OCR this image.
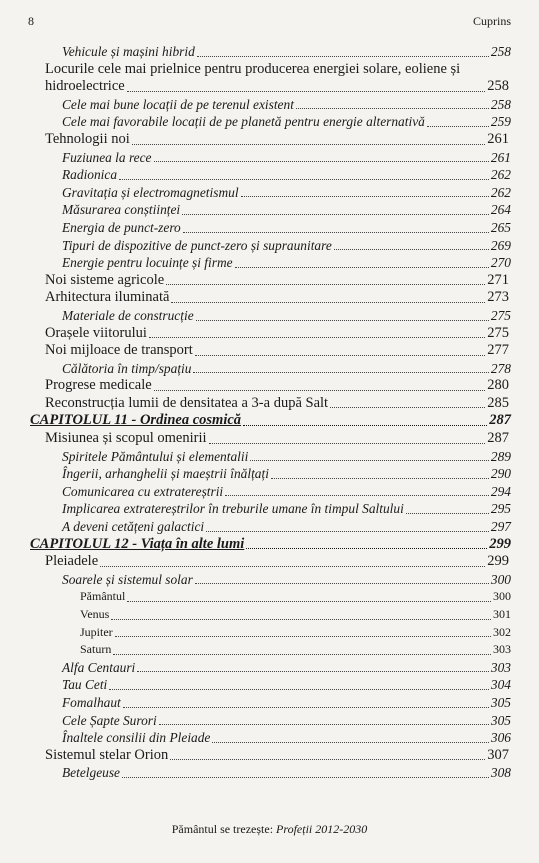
8	Cuprins
Vehicule și mașini hibrid	258
Locurile cele mai prielnice pentru producerea energiei solare, eoliene și
hidroelectrice	258
Cele mai bune locații de pe terenul existent	258
Cele mai favorabile locații de pe planetă pentru energie alternativă	259
Tehnologii noi	261
Fuziunea la rece	261
Radionica	262
Gravitația și electromagnetismul	262
Măsurarea conștiinței	264
Energia de punct-zero	265
Tipuri de dispozitive de punct-zero și supraunitare	269
Energie pentru locuințe și firme	270
Noi sisteme agricole	271
Arhitectura iluminată	273
Materiale de construcție	275
Orașele viitorului	275
Noi mijloace de transport	277
Călătoria în timp/spațiu	278
Progrese medicale	280
Reconstrucția lumii de densitatea a 3-a după Salt	285
CAPITOLUL 11 - Ordinea cosmică	287
Misiunea și scopul omenirii	287
Spiritele Pământului și elementalii	289
Îngerii, arhanghelii și maeștrii înălțați	290
Comunicarea cu extratereștrii	294
Implicarea extratereștrilor în treburile umane în timpul Saltului	295
A deveni cetățeni galactici	297
CAPITOLUL 12 - Viața în alte lumi	299
Pleiadele	299
Soarele și sistemul solar	300
Pământul	300
Venus	301
Jupiter	302
Saturn	303
Alfa Centauri	303
Tau Ceti	304
Fomalhaut	305
Cele Șapte Surori	305
Înaltele consilii din Pleiade	306
Sistemul stelar Orion	307
Betelgeuse	308
Pământul se trezește: Profeții 2012-2030
